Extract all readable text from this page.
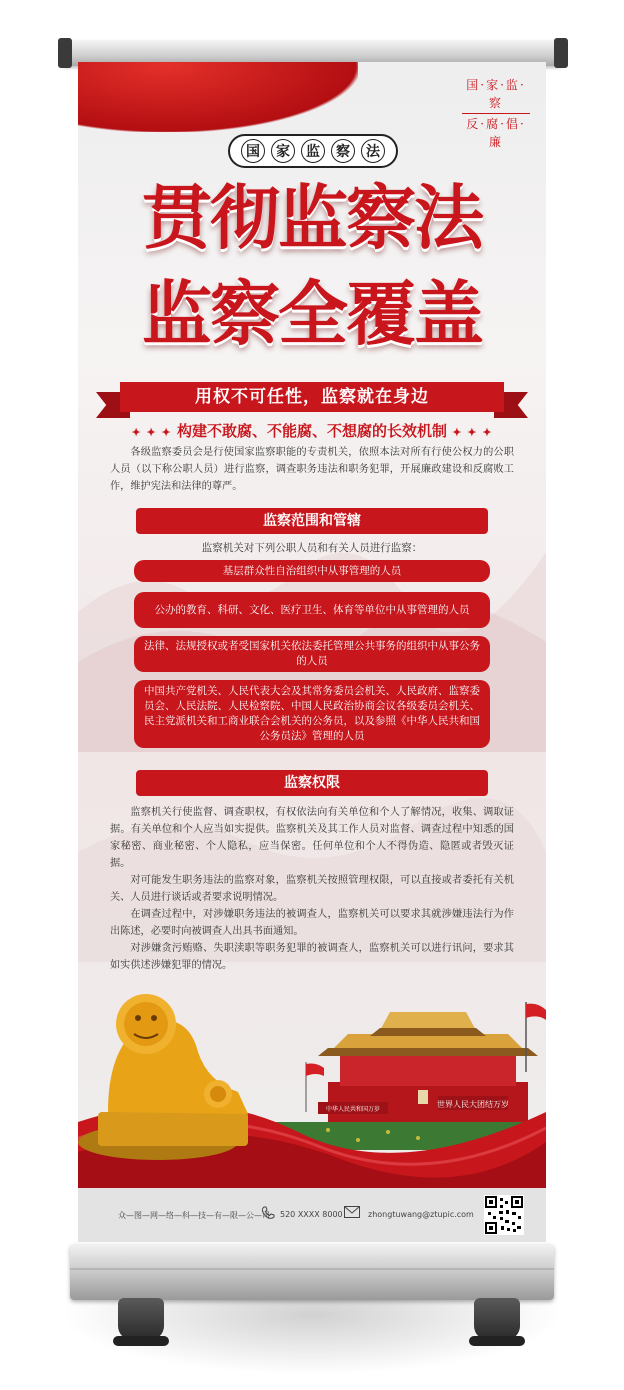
国·家·监·察
反·腐·倡·廉
国	家	监	察	法
贯彻监察法
监察全覆盖
用权不可任性，监察就在身边
✦ ✦ ✦ 构建不敢腐、不能腐、不想腐的长效机制 ✦ ✦ ✦
各级监察委员会是行使国家监察职能的专责机关，依照本法对所有行使公权力的公职人员（以下称公职人员）进行监察，调查职务违法和职务犯罪，开展廉政建设和反腐败工作，维护宪法和法律的尊严。
监察范围和管辖
监察机关对下列公职人员和有关人员进行监察：
基层群众性自治组织中从事管理的人员
公办的教育、科研、文化、医疗卫生、体育等单位中从事管理的人员
法律、法规授权或者受国家机关依法委托管理公共事务的组织中从事公务的人员
中国共产党机关、人民代表大会及其常务委员会机关、人民政府、监察委员会、人民法院、人民检察院、中国人民政治协商会议各级委员会机关、民主党派机关和工商业联合会机关的公务员，以及参照《中华人民共和国公务员法》管理的人员
监察权限

监察机关行使监督、调查职权，有权依法向有关单位和个人了解情况，收集、调取证据。有关单位和个人应当如实提供。监察机关及其工作人员对监督、调查过程中知悉的国家秘密、商业秘密、个人隐私，应当保密。任何单位和个人不得伪造、隐匿或者毁灭证据。

对可能发生职务违法的监察对象，监察机关按照管理权限，可以直接或者委托有关机关、人员进行谈话或者要求说明情况。

在调查过程中，对涉嫌职务违法的被调查人，监察机关可以要求其就涉嫌违法行为作出陈述，必要时向被调查人出具书面通知。

对涉嫌贪污贿赂、失职渎职等职务犯罪的被调查人，监察机关可以进行讯问，要求其如实供述涉嫌犯罪的情况。

世界人民大团结万岁
中华人民共和国万岁
众—图—网—络—科—技—有—限—公—司 520 XXXX 8000	zhongtuwang@ztupic.com
